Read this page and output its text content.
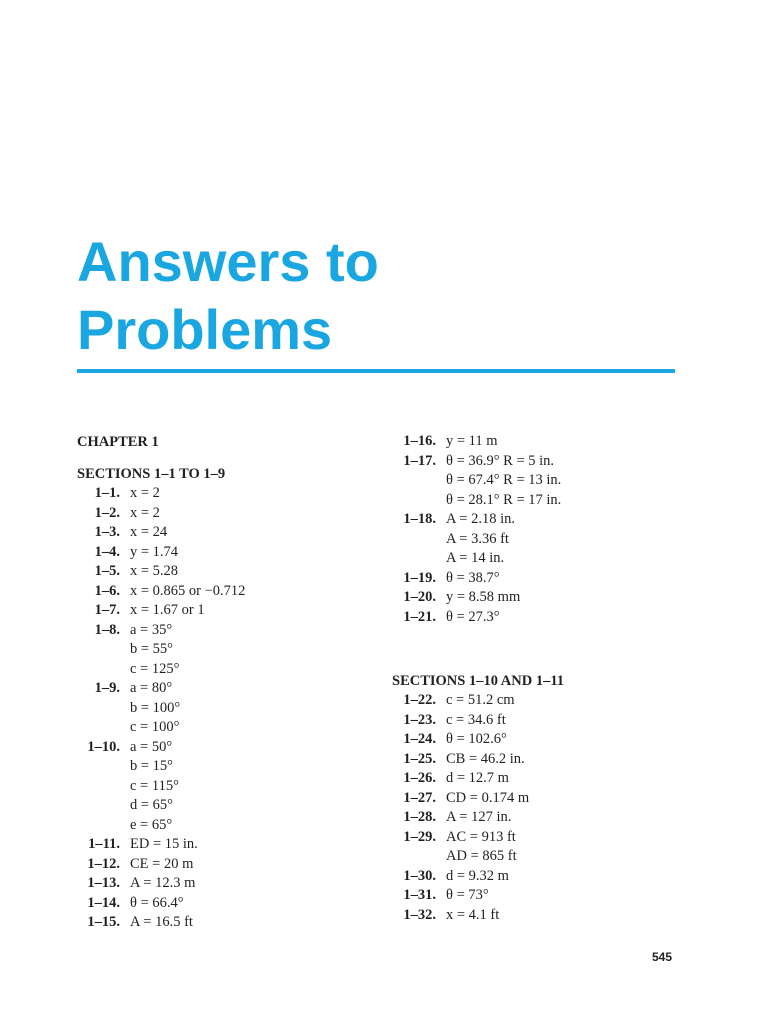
Answers to
Problems
CHAPTER 1
SECTIONS 1–1 TO 1–9
1–1. x = 2
1–2. x = 2
1–3. x = 24
1–4. y = 1.74
1–5. x = 5.28
1–6. x = 0.865 or −0.712
1–7. x = 1.67 or 1
1–8. a = 35°
b = 55°
c = 125°
1–9. a = 80°
b = 100°
c = 100°
1–10. a = 50°
b = 15°
c = 115°
d = 65°
e = 65°
1–11. ED = 15 in.
1–12. CE = 20 m
1–13. A = 12.3 m
1–14. θ = 66.4°
1–15. A = 16.5 ft
1–16. y = 11 m
1–17. θ = 36.9° R = 5 in.
θ = 67.4° R = 13 in.
θ = 28.1° R = 17 in.
1–18. A = 2.18 in.
A = 3.36 ft
A = 14 in.
1–19. θ = 38.7°
1–20. y = 8.58 mm
1–21. θ = 27.3°
SECTIONS 1–10 AND 1–11
1–22. c = 51.2 cm
1–23. c = 34.6 ft
1–24. θ = 102.6°
1–25. CB = 46.2 in.
1–26. d = 12.7 m
1–27. CD = 0.174 m
1–28. A = 127 in.
1–29. AC = 913 ft
AD = 865 ft
1–30. d = 9.32 m
1–31. θ = 73°
1–32. x = 4.1 ft
545
